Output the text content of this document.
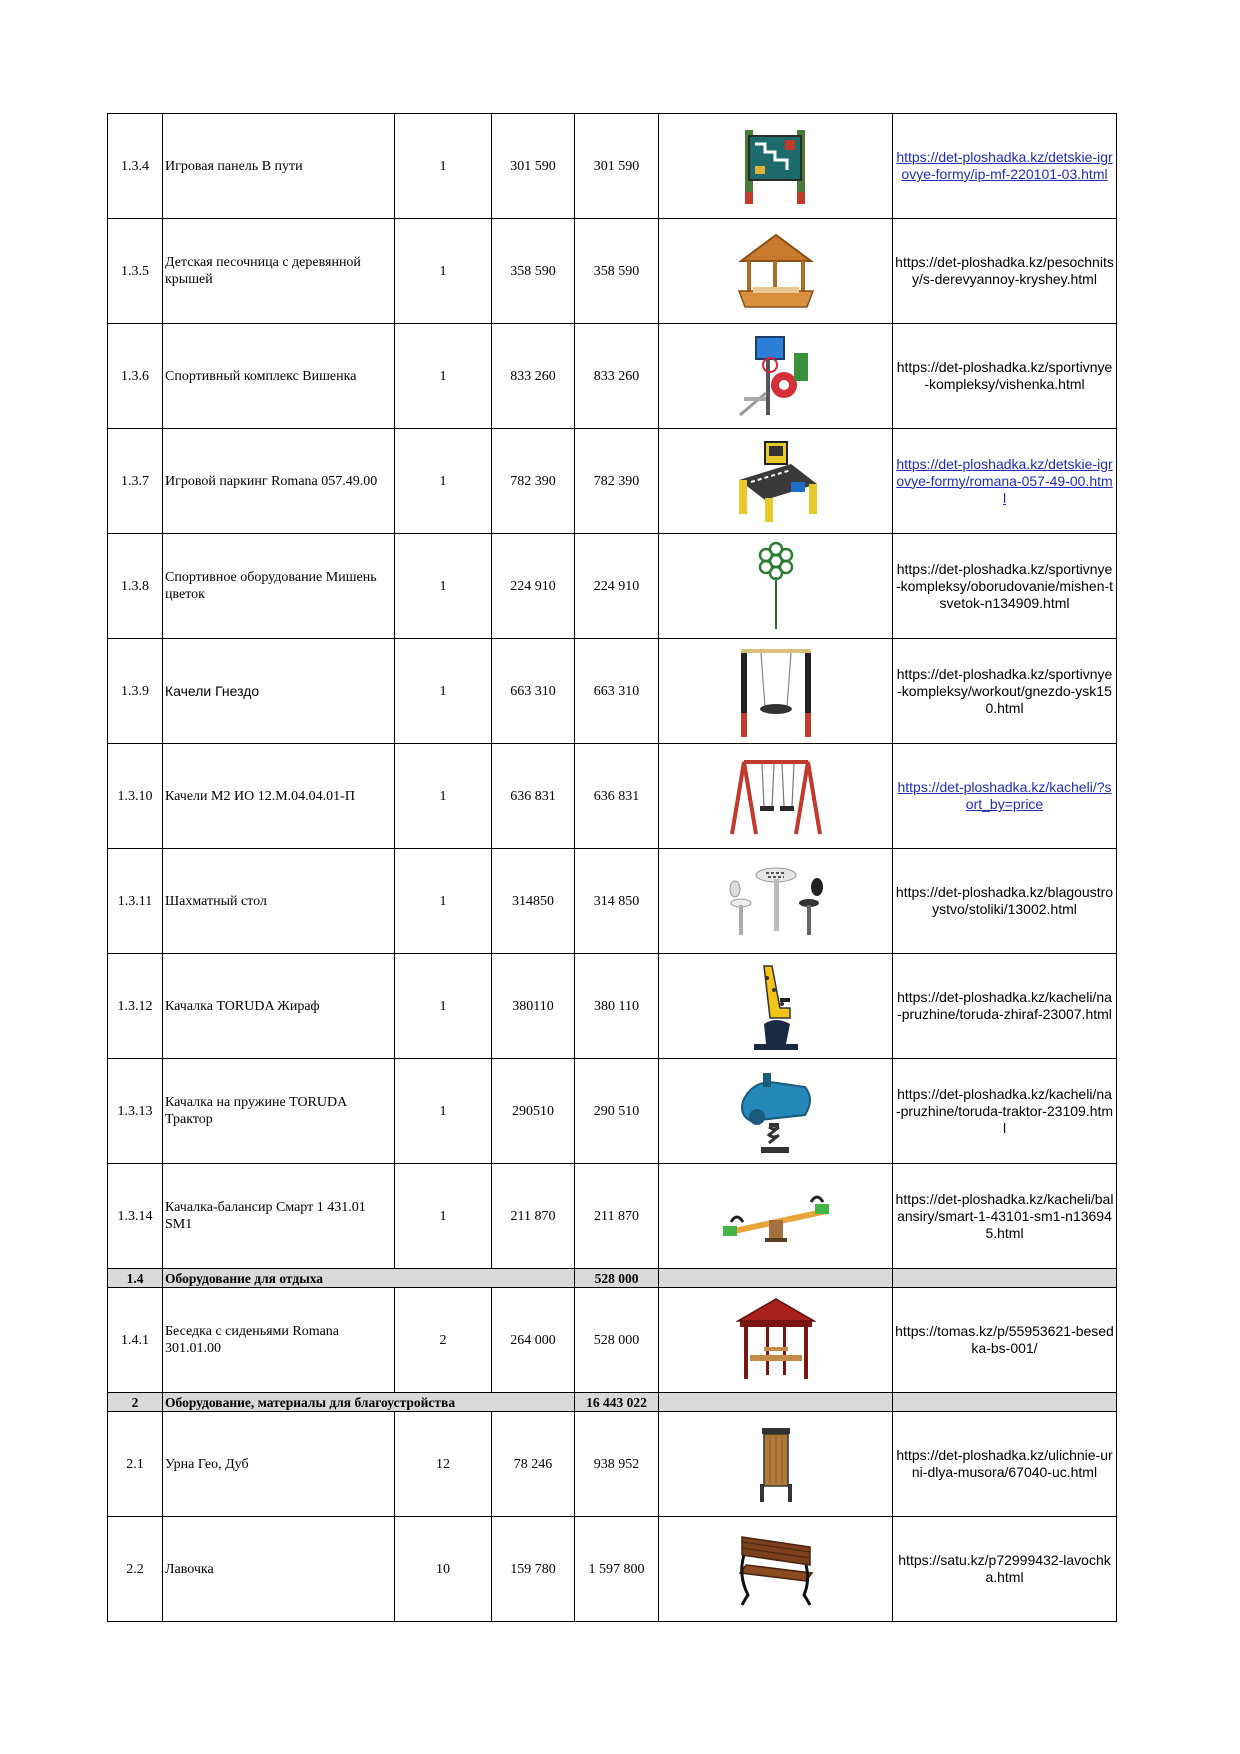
1.3.4	Игровая панель В пути	1	301 590	301 590		https://det-ploshadka.kz/detskie-igrovye-formy/ip-mf-220101-03.html
1.3.5	Детская песочница с деревянной крышей	1	358 590	358 590		https://det-ploshadka.kz/pesochnitsy/s-derevyannoy-kryshey.html
1.3.6	Спортивный комплекс Вишенка	1	833 260	833 260		https://det-ploshadka.kz/sportivnye-kompleksy/vishenka.html
1.3.7	Игровой паркинг Romana 057.49.00	1	782 390	782 390		https://det-ploshadka.kz/detskie-igrovye-formy/romana-057-49-00.html
1.3.8	Спортивное оборудование Мишень цветок	1	224 910	224 910		https://det-ploshadka.kz/sportivnye-kompleksy/oborudovanie/mishen-tsvetok-n134909.html
1.3.9	Качели Гнездо	1	663 310	663 310		https://det-ploshadka.kz/sportivnye-kompleksy/workout/gnezdo-ysk150.html
1.3.10	Качели М2 ИО 12.М.04.04.01-П	1	636 831	636 831		https://det-ploshadka.kz/kacheli/?sort_by=price
1.3.11	Шахматный стол	1	314850	314 850		https://det-ploshadka.kz/blagoustroystvo/stoliki/13002.html
1.3.12	Качалка TORUDA Жираф	1	380110	380 110		https://det-ploshadka.kz/kacheli/na-pruzhine/toruda-zhiraf-23007.html
1.3.13	Качалка на пружине TORUDA Трактор	1	290510	290 510		https://det-ploshadka.kz/kacheli/na-pruzhine/toruda-traktor-23109.html
1.3.14	Качалка-балансир Смарт 1 431.01 SM1	1	211 870	211 870		https://det-ploshadka.kz/kacheli/balansiry/smart-1-43101-sm1-n136945.html
1.4	Оборудование для отдыха			528 000		
1.4.1	Беседка с сиденьями Romana 301.01.00	2	264 000	528 000		https://tomas.kz/p/55953621-besedka-bs-001/
2	Оборудование, материалы для благоустройства			16 443 022		
2.1	Урна Гео, Дуб	12	78 246	938 952		https://det-ploshadka.kz/ulichnie-urni-dlya-musora/67040-uc.html
2.2	Лавочка	10	159 780	1 597 800		https://satu.kz/p72999432-lavochka.html
